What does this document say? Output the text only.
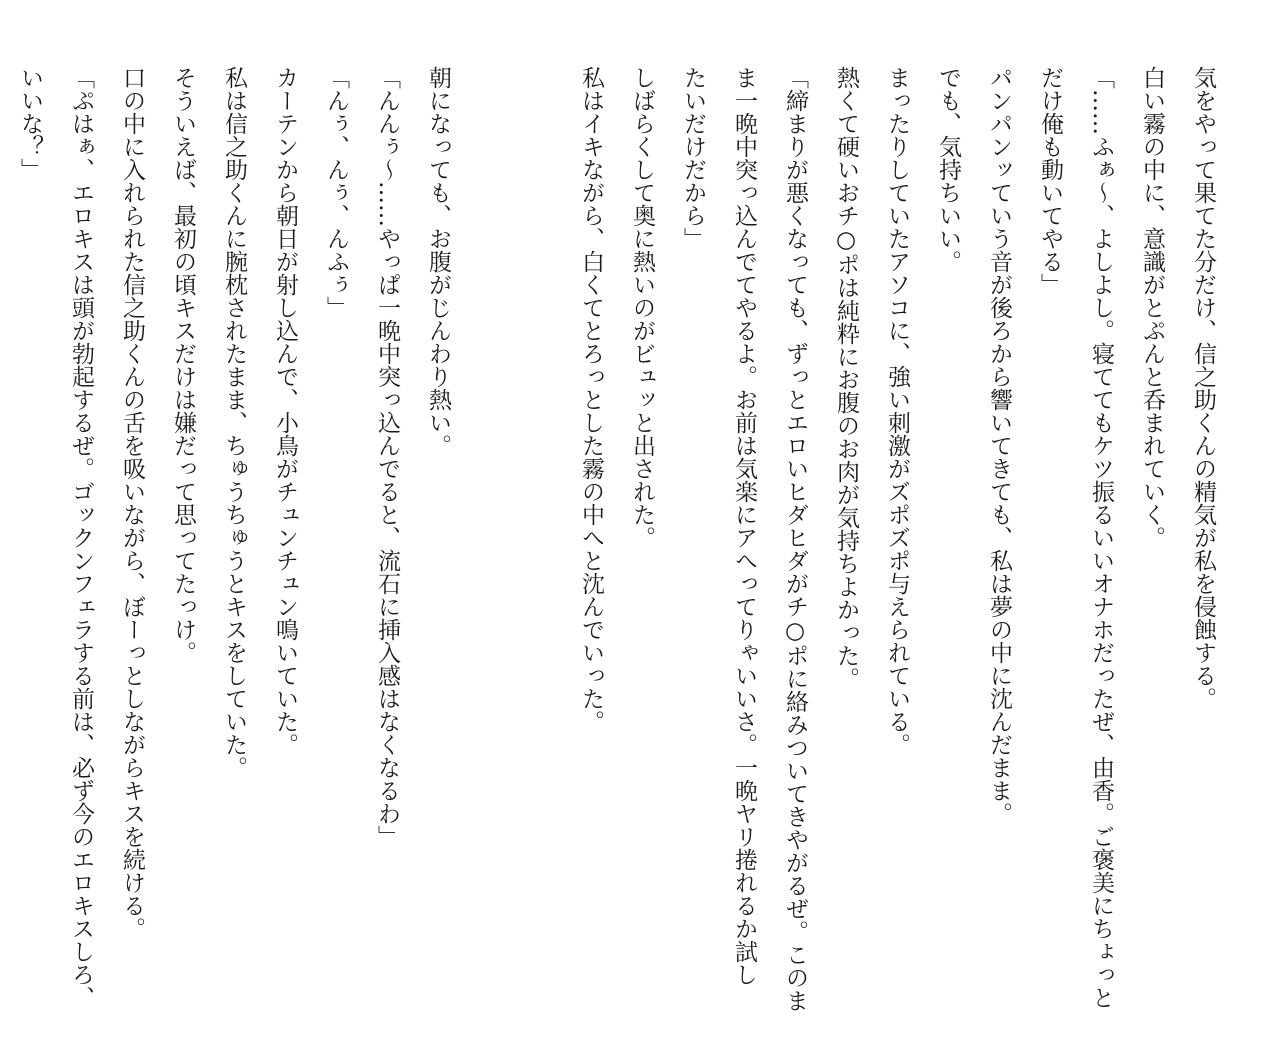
気をやって果てた分だけ、信之助くんの精気が私を侵蝕する。
白い霧の中に、意識がとぷんと呑まれていく。
「……ふぁ～、よしよし。寝ててもケツ振るいいオナホだったぜ、由香。ご褒美にちょっと
だけ俺も動いてやる」
パンパンッていう音が後ろから響いてきても、私は夢の中に沈んだまま。
でも、気持ちいい。
まったりしていたアソコに、強い刺激がズポズポ与えられている。
熱くて硬いおチ○ポは純粋にお腹のお肉が気持ちよかった。
「締まりが悪くなっても、ずっとエロいヒダヒダがチ○ポに絡みついてきやがるぜ。このま
ま一晩中突っ込んでてやるよ。お前は気楽にアへってりゃいいさ。一晩ヤリ捲れるか試し
たいだけだから」
しばらくして奥に熱いのがビュッと出された。
私はイキながら、白くてとろっとした霧の中へと沈んでいった。
朝になっても、お腹がじんわり熱い。
「んんぅ～……やっぱ一晩中突っ込んでると、流石に挿入感はなくなるわ」
「んぅ、んぅ、んふぅ」
カーテンから朝日が射し込んで、小鳥がチュンチュン鳴いていた。
私は信之助くんに腕枕されたまま、ちゅうちゅうとキスをしていた。
そういえば、最初の頃キスだけは嫌だって思ってたっけ。
口の中に入れられた信之助くんの舌を吸いながら、ぼーっとしながらキスを続ける。
「ぷはぁ、エロキスは頭が勃起するぜ。ゴックンフェラする前は、必ず今のエロキスしろ、
いいな？」
